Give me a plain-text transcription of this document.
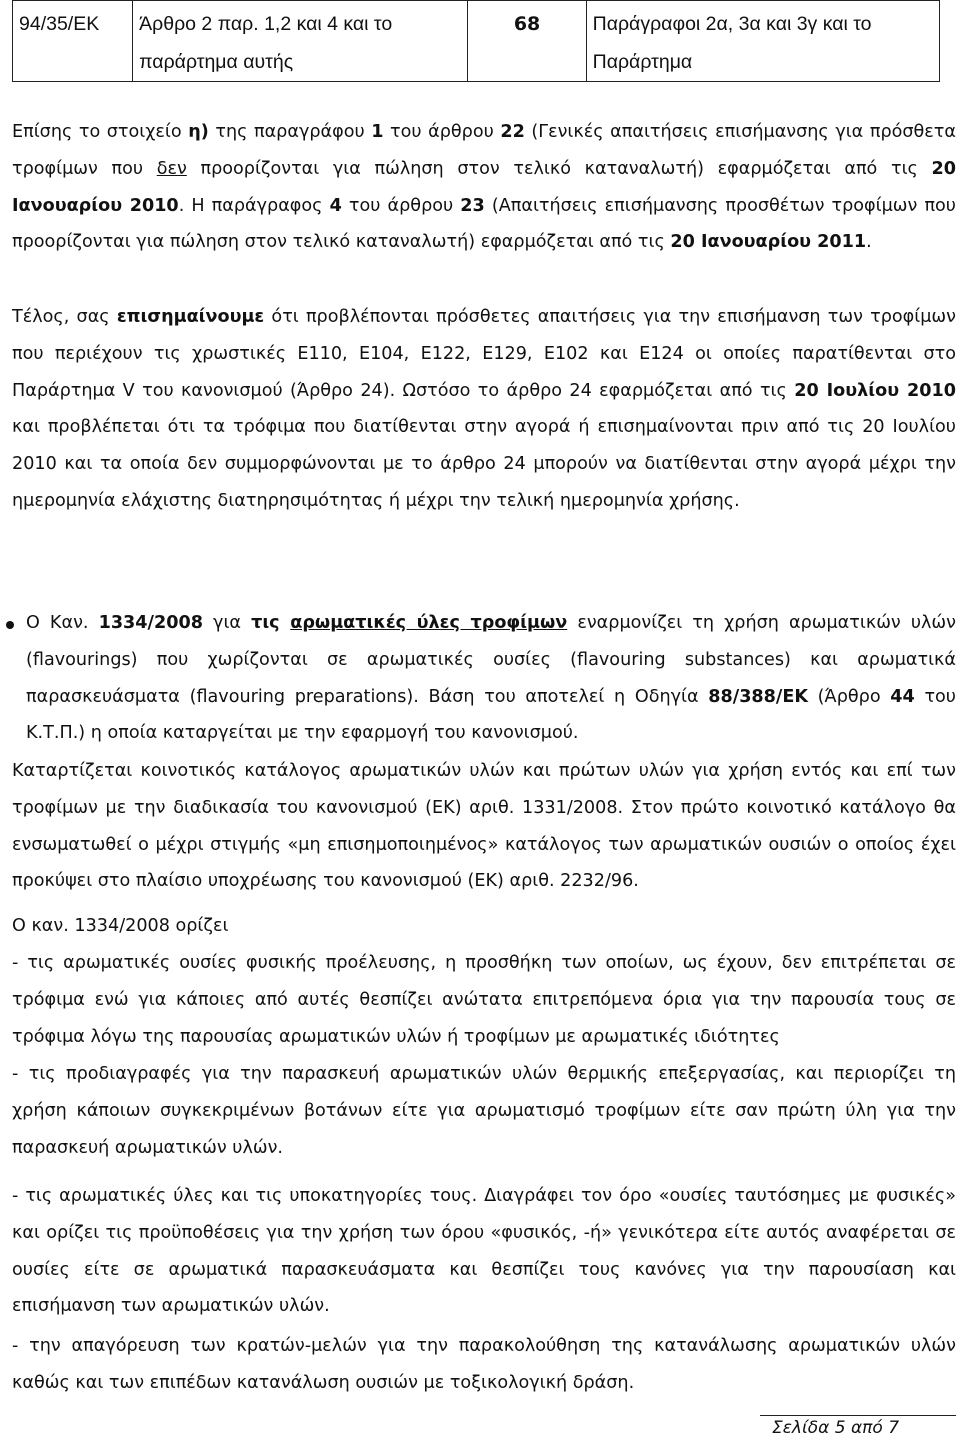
94/35/ΕΚ	Άρθρο 2 παρ. 1,2 και 4 και το παράρτημα αυτής	68	Παράγραφοι 2α, 3α και 3γ και το Παράρτημα
Επίσης το στοιχείο η) της παραγράφου 1 του άρθρου 22 (Γενικές απαιτήσεις επισήμανσης για πρόσθετα τροφίμων που δεν προορίζονται για πώληση στον τελικό καταναλωτή) εφαρμόζεται από τις 20 Ιανουαρίου 2010. Η παράγραφος 4 του άρθρου 23 (Απαιτήσεις επισήμανσης προσθέτων τροφίμων που προορίζονται για πώληση στον τελικό καταναλωτή) εφαρμόζεται από τις 20 Ιανουαρίου 2011.
Τέλος, σας επισημαίνουμε ότι προβλέπονται πρόσθετες απαιτήσεις για την επισήμανση των τροφίμων που περιέχουν τις χρωστικές Ε110, Ε104, Ε122, Ε129, Ε102 και Ε124 οι οποίες παρατίθενται στο Παράρτημα V του κανονισμού (Άρθρο 24). Ωστόσο το άρθρο 24 εφαρμόζεται από τις 20 Ιουλίου 2010 και προβλέπεται ότι τα τρόφιμα που διατίθενται στην αγορά ή επισημαίνονται πριν από τις 20 Ιουλίου 2010 και τα οποία δεν συμμορφώνονται με το άρθρο 24 μπορούν να διατίθενται στην αγορά μέχρι την ημερομηνία ελάχιστης διατηρησιμότητας ή μέχρι την τελική ημερομηνία χρήσης.
Ο Καν. 1334/2008 για τις αρωματικές ύλες τροφίμων εναρμονίζει τη χρήση αρωματικών υλών (flavourings) που χωρίζονται σε αρωματικές ουσίες (flavouring substances) και αρωματικά παρασκευάσματα (flavouring preparations). Βάση του αποτελεί η Οδηγία 88/388/ΕΚ (Άρθρο 44 του Κ.Τ.Π.) η οποία καταργείται με την εφαρμογή του κανονισμού.
Καταρτίζεται κοινοτικός κατάλογος αρωματικών υλών και πρώτων υλών για χρήση εντός και επί των τροφίμων με την διαδικασία του κανονισμού (ΕΚ) αριθ. 1331/2008. Στον πρώτο κοινοτικό κατάλογο θα ενσωματωθεί ο μέχρι στιγμής «μη επισημοποιημένος» κατάλογος των αρωματικών ουσιών ο οποίος έχει προκύψει στο πλαίσιο υποχρέωσης του κανονισμού (ΕΚ) αριθ. 2232/96.
Ο καν. 1334/2008 ορίζει
- τις αρωματικές ουσίες φυσικής προέλευσης, η προσθήκη των οποίων, ως έχουν, δεν επιτρέπεται σε τρόφιμα ενώ για κάποιες από αυτές θεσπίζει ανώτατα επιτρεπόμενα όρια για την παρουσία τους σε τρόφιμα λόγω της παρουσίας αρωματικών υλών ή τροφίμων με αρωματικές ιδιότητες
- τις προδιαγραφές για την παρασκευή αρωματικών υλών θερμικής επεξεργασίας, και περιορίζει τη χρήση κάποιων συγκεκριμένων βοτάνων είτε για αρωματισμό τροφίμων είτε σαν πρώτη ύλη για την παρασκευή αρωματικών υλών.
- τις αρωματικές ύλες και τις υποκατηγορίες τους. Διαγράφει τον όρο «ουσίες ταυτόσημες με φυσικές» και ορίζει τις προϋποθέσεις για την χρήση των όρου «φυσικός, -ή» γενικότερα είτε αυτός αναφέρεται σε ουσίες είτε σε αρωματικά παρασκευάσματα και θεσπίζει τους κανόνες για την παρουσίαση και επισήμανση των αρωματικών υλών.
- την απαγόρευση των κρατών-μελών για την παρακολούθηση της κατανάλωσης αρωματικών υλών καθώς και των επιπέδων κατανάλωση ουσιών με τοξικολογική δράση.
Σελίδα 5 από 7
